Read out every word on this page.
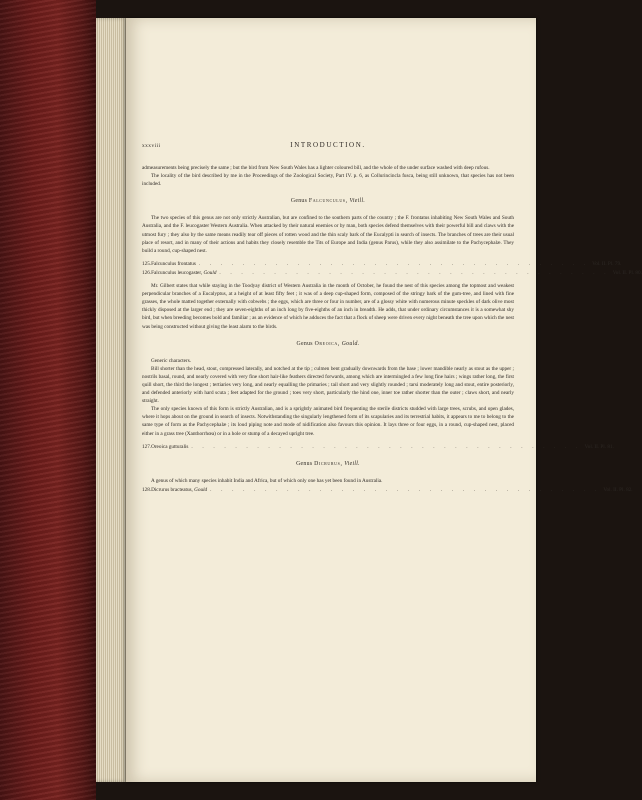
xxxviii	INTRODUCTION.

admeasurements being precisely the same ; but the bird from New South Wales has a lighter coloured bill, and the whole of the under surface washed with deep rufous.

The locality of the bird described by me in the Proceedings of the Zoological Society, Part IV. p. 6, as Collurincincla fusca, being still unknown, that species has not been included.

Genus Falcunculus, Vieill.

The two species of this genus are not only strictly Australian, but are confined to the southern parts of the country ; the F. frontatus inhabiting New South Wales and South Australia, and the F. leucogaster Western Australia. When attacked by their natural enemies or by man, both species defend themselves with their powerful bill and claws with the utmost fury ; they also by the same means readily tear off pieces of rotten wood and the thin scaly bark of the Eucalypti in search of insects. The branches of trees are their usual place of resort, and in many of their actions and habits they closely resemble the Tits of Europe and India (genus Parus), while they also assimilate to the Pachycephalæ. They build a round, cup-shaped nest.

125. Falcunculus frontatus . . . . . . . . . . . . . . . . . . . . . . . . . . . . . . . . . . . . Vol. II. Pl. 79.
126. Falcunculus leucogaster, Gould . . . . . . . . . . . . . . . . . . . . . . . . . . . . . . . . . . . . Vol. II. Pl. 80.

Mr. Gilbert states that while staying in the Toodyay district of Western Australia in the month of October, he found the nest of this species among the topmost and weakest perpendicular branches of a Eucalyptus, at a height of at least fifty feet ; it was of a deep cup-shaped form, composed of the stringy bark of the gum-tree, and lined with fine grasses, the whole matted together externally with cobwebs ; the eggs, which are three or four in number, are of a glossy white with numerous minute speckles of dark olive most thickly disposed at the larger end ; they are seven-eighths of an inch long by five-eighths of an inch in breadth. He adds, that under ordinary circumstances it is a somewhat shy bird, but when breeding becomes bold and familiar ; as an evidence of which he adduces the fact that a flock of sheep were driven every night beneath the tree upon which the nest was being constructed without giving the least alarm to the birds.

Genus Oreoica, Gould.

Generic characters.

Bill shorter than the head, stout, compressed laterally, and notched at the tip ; culmen bent gradually downwards from the base ; lower mandible nearly as stout as the upper ; nostrils basal, round, and nearly covered with very fine short hair-like feathers directed forwards, among which are intermingled a few long fine hairs ; wings rather long, the first quill short, the third the longest ; tertiaries very long, and nearly equalling the primaries ; tail short and very slightly rounded ; tarsi moderately long and stout, entire posteriorly, and defended anteriorly with hard scuta ; feet adapted for the ground ; toes very short, particularly the hind one, inner toe rather shorter than the outer ; claws short, and nearly straight.

The only species known of this form is strictly Australian, and is a sprightly animated bird frequenting the sterile districts studded with large trees, scrubs, and open glades, where it hops about on the ground in search of insects. Notwithstanding the singularly lengthened form of its scapularies and its terrestrial habits, it appears to me to belong to the same type of form as the Pachycephalæ ; its loud piping note and mode of nidification also favours this opinion. It lays three or four eggs, in a round, cup-shaped nest, placed either in a grass tree (Xanthorrhœa) or in a hole or stump of a decayed upright tree.

127. Oreoica gutturalis . . . . . . . . . . . . . . . . . . . . . . . . . . . . . . . . . . . . Vol. II. Pl. 81.
Genus Dicrurus, Vieill.

A genus of which many species inhabit India and Africa, but of which only one has yet been found in Australia.

128. Dicrurus bracteatus, Gould . . . . . . . . . . . . . . . . . . . . . . . . . . . . . . . . . . . . Vol. II. Pl. 82.
